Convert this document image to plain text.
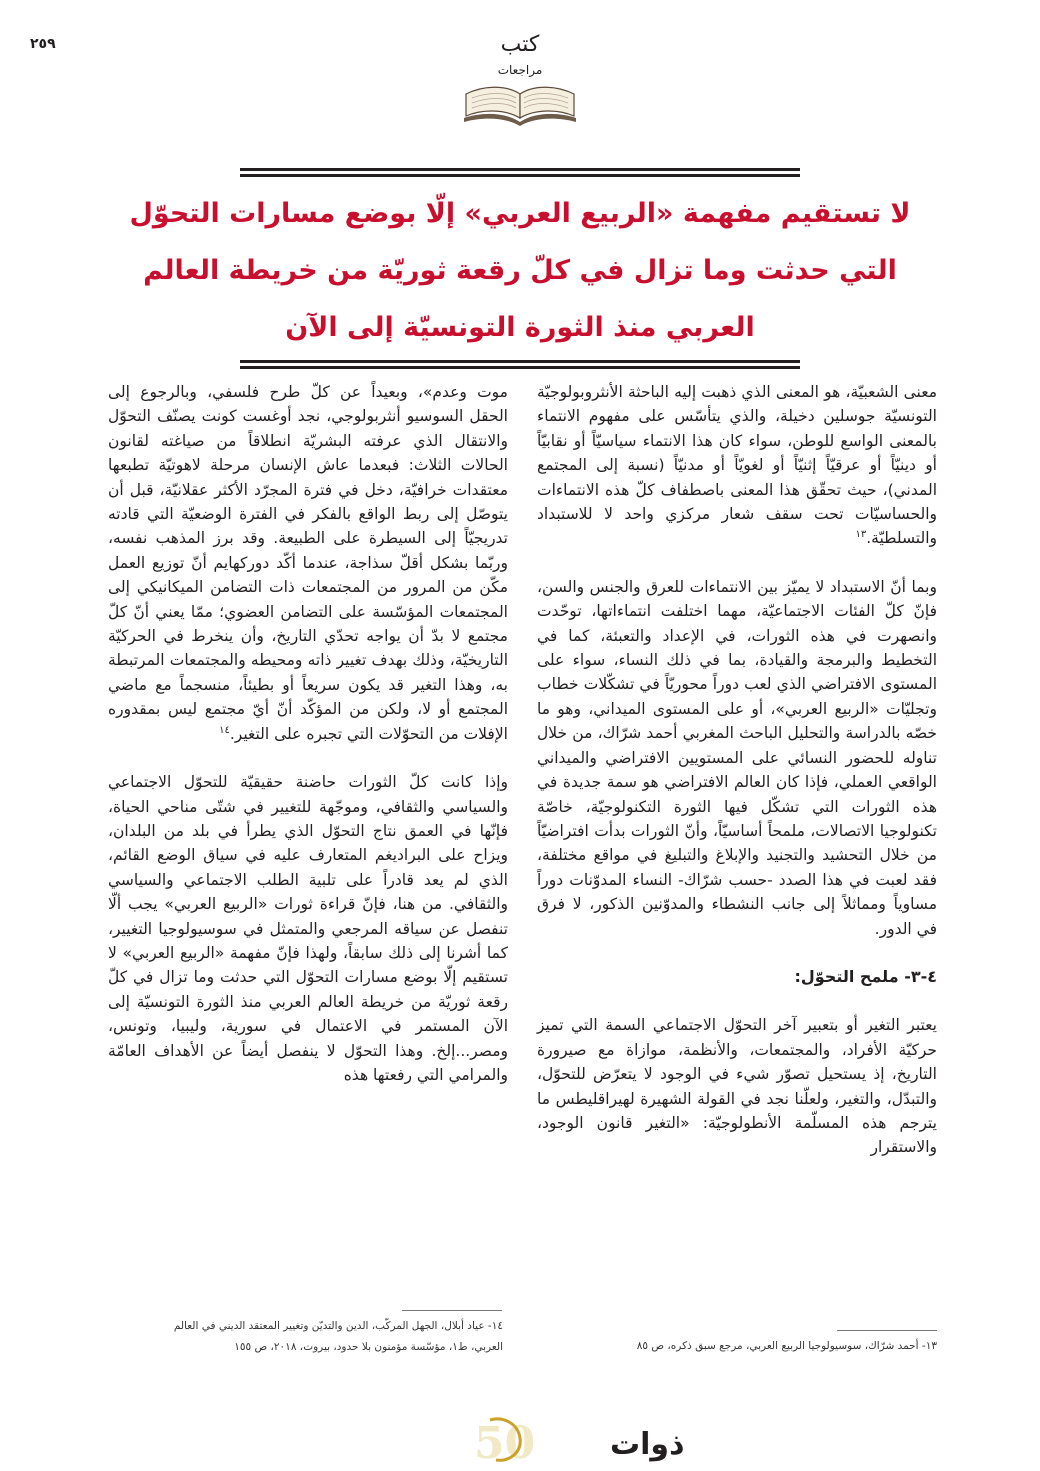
٢٥٩	كتب
مراجعات
لا تستقيم مفهمة «الربيع العربي» إلّا بوضع مسارات التحوّل التي حدثت وما تزال في كلّ رقعة ثوريّة من خريطة العالم العربي منذ الثورة التونسيّة إلى الآن

معنى الشعبيّة، هو المعنى الذي ذهبت إليه الباحثة الأنثروبولوجيّة التونسيّة جوسلين دخيلة، والذي يتأسّس على مفهوم الانتماء بالمعنى الواسع للوطن، سواء كان هذا الانتماء سياسيّاً أو نقابيّاً أو دينيّاً أو عرقيّاً إثنيّاً أو لغويّاً أو مدنيّاً (نسبة إلى المجتمع المدني)، حيث تحقّق هذا المعنى باصطفاف كلّ هذه الانتماءات والحساسيّات تحت سقف شعار مركزي واحد لا للاستبداد والتسلطيّة.$^{١٣}$

وبما أنّ الاستبداد لا يميّز بين الانتماءات للعرق والجنس والسن، فإنّ كلّ الفئات الاجتماعيّة، مهما اختلفت انتماءاتها، توحّدت وانصهرت في هذه الثورات، في الإعداد والتعبئة، كما في التخطيط والبرمجة والقيادة، بما في ذلك النساء، سواء على المستوى الافتراضي الذي لعب دوراً محوريّاً في تشكّلات خطاب وتجليّات «الربيع العربي»، أو على المستوى الميداني، وهو ما خصّه بالدراسة والتحليل الباحث المغربي أحمد شرّاك، من خلال تناوله للحضور النسائي على المستويين الافتراضي والميداني الواقعي العملي، فإذا كان العالم الافتراضي هو سمة جديدة في هذه الثورات التي تشكّل فيها الثورة التكنولوجيّة، خاصّة تكنولوجيا الاتصالات، ملمحاً أساسيّاً، وأنّ الثورات بدأت افتراضيّاً من خلال التحشيد والتجنيد والإبلاغ والتبليغ في مواقع مختلفة، فقد لعبت في هذا الصدد -حسب شرّاك- النساء المدوّنات دوراً مساوياً ومماثلاً إلى جانب النشطاء والمدوّنين الذكور، لا فرق في الدور.

٤-٣- ملمح التحوّل:

يعتبر التغير أو بتعبير آخر التحوّل الاجتماعي السمة التي تميز حركيّة الأفراد، والمجتمعات، والأنظمة، موازاة مع صيرورة التاريخ، إذ يستحيل تصوّر شيء في الوجود لا يتعرّض للتحوّل، والتبدّل، والتغير، ولعلّنا نجد في القولة الشهيرة لهيراقليطس ما يترجم هذه المسلّمة الأنطولوجيّة: «التغير قانون الوجود، والاستقرار

موت وعدم»، وبعيداً عن كلّ طرح فلسفي، وبالرجوع إلى الحقل السوسيو أنثربولوجي، نجد أوغست كونت يصنّف التحوّل والانتقال الذي عرفته البشريّة انطلاقاً من صياغته لقانون الحالات الثلاث: فبعدما عاش الإنسان مرحلة لاهوتيّة تطبعها معتقدات خرافيّة، دخل في فترة المجرّد الأكثر عقلانيّة، قبل أن يتوصّل إلى ربط الواقع بالفكر في الفترة الوضعيّة التي قادته تدريجيّاً إلى السيطرة على الطبيعة. وقد برز المذهب نفسه، وربّما بشكل أقلّ سذاجة، عندما أكّد دوركهايم أنّ توزيع العمل مكّن من المرور من المجتمعات ذات التضامن الميكانيكي إلى المجتمعات المؤسّسة على التضامن العضوي؛ ممّا يعني أنّ كلّ مجتمع لا بدّ أن يواجه تحدّي التاريخ، وأن ينخرط في الحركيّة التاريخيّة، وذلك بهدف تغيير ذاته ومحيطه والمجتمعات المرتبطة به، وهذا التغير قد يكون سريعاً أو بطيئاً، منسجماً مع ماضي المجتمع أو لا، ولكن من المؤكّد أنّ أيّ مجتمع ليس بمقدوره الإفلات من التحوّلات التي تجبره على التغير.$^{١٤}$

وإذا كانت كلّ الثورات حاضنة حقيقيّة للتحوّل الاجتماعي والسياسي والثقافي، وموجّهة للتغيير في شتّى مناحي الحياة، فإنّها في العمق نتاج التحوّل الذي يطرأ في بلد من البلدان، ويزاح على البراديغم المتعارف عليه في سياق الوضع القائم، الذي لم يعد قادراً على تلبية الطلب الاجتماعي والسياسي والثقافي. من هنا، فإنّ قراءة ثورات «الربيع العربي» يجب ألّا تنفصل عن سياقه المرجعي والمتمثل في سوسيولوجيا التغيير، كما أشرنا إلى ذلك سابقاً، ولهذا فإنّ مفهمة «الربيع العربي» لا تستقيم إلّا بوضع مسارات التحوّل التي حدثت وما تزال في كلّ رقعة ثوريّة من خريطة العالم العربي منذ الثورة التونسيّة إلى الآن المستمر في الاعتمال في سورية، وليبيا، وتونس، ومصر...إلخ. وهذا التحوّل لا ينفصل أيضاً عن الأهداف العامّة والمرامي التي رفعتها هذه

١٣- أحمد شرّاك، سوسيولوجيا الربيع العربي، مرجع سبق ذكره، ص ٨٥
١٤- عياد أبلال، الجهل المركّب، الدين والتديّن وتغيير المعتقد الديني في العالم
العربي، ط١، مؤسّسة مؤمنون بلا حدود، بيروت، ٢٠١٨، ص ١٥٥
50 ذوات
